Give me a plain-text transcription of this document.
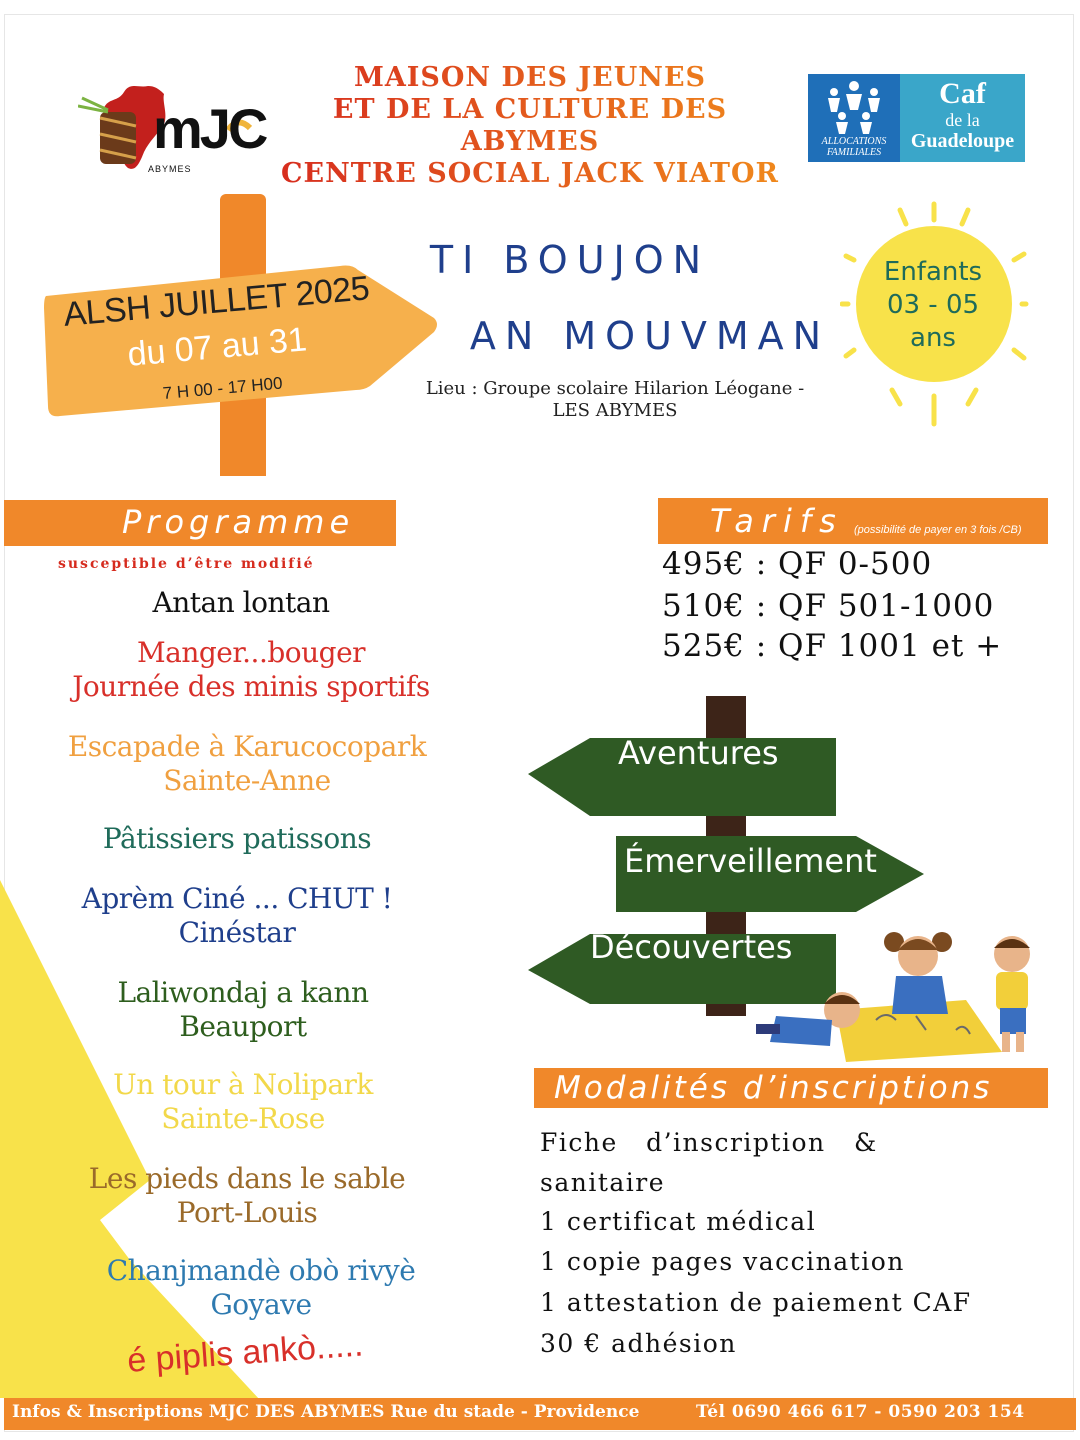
mJC
ABYMES
MAISON DES JEUNES
ET DE LA CULTURE DES ABYMES
CENTRE SOCIAL JACK VIATOR
ALLOCATIONS
FAMILIALES
Caf
de la
Guadeloupe
ALSH JUILLET 2025
du 07 au 31
7 H 00 - 17 H00
TI BOUJON
AN MOUVMAN
Lieu : Groupe scolaire Hilarion Léogane -
LES ABYMES
Enfants
03 - 05
ans
Programme
susceptible d’être modifié
Antan lontan
Manger...bouger
Journée des minis sportifs
Escapade à Karucocopark
Sainte-Anne
Pâtissiers patissons
Aprèm Ciné ... CHUT !
Cinéstar
Laliwondaj a kann
Beauport
Un tour à Nolipark
Sainte-Rose
Les pieds dans le sable
Port-Louis
Chanjmandè obò rivyè
Goyave
é piplis ankò.....
Tarifs (possibilité de payer en 3 fois /CB)
495€ : QF 0-500
510€ : QF 501-1000
525€ : QF 1001 et +
Aventures
Émerveillement
Découvertes
Modalités d’inscriptions
Fiche   d’inscription   &
sanitaire
1 certificat médical
1 copie pages vaccination
1 attestation de paiement CAF
30 € adhésion
Infos & Inscriptions MJC DES ABYMES Rue du stade - Providence	Tél 0690 466 617 - 0590 203 154
